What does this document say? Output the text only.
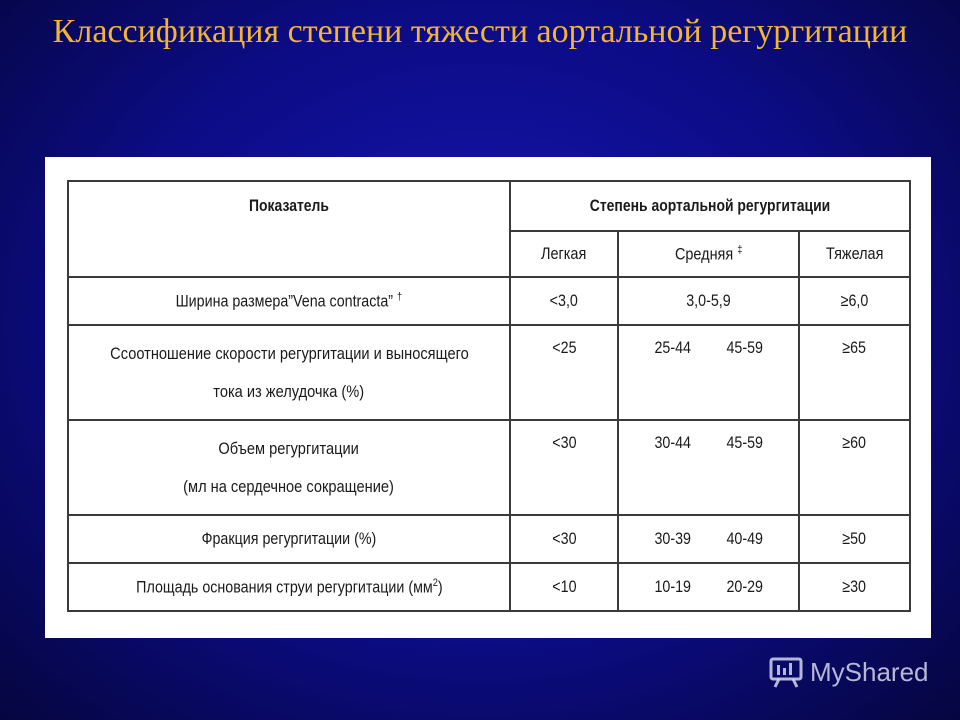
Классификация степени тяжести аортальной регургитации
Показатель	Степень аортальной регургитации		
	Легкая	Средняя ‡	Тяжелая
Ширина размера”Vena contracta” †	<3,0	3,0-5,9	≥6,0
Ссоотношение скорости регургитации и выносящего
тока из желудочка (%)	<25	25-44 45-59	≥65
Объем регургитации
(мл на сердечное сокращение)	<30	30-44 45-59	≥60
Фракция регургитации (%)	<30	30-39 40-49	≥50
Площадь основания струи регургитации $(мм^2)$	<10	10-19 20-29	≥30
MyShared
